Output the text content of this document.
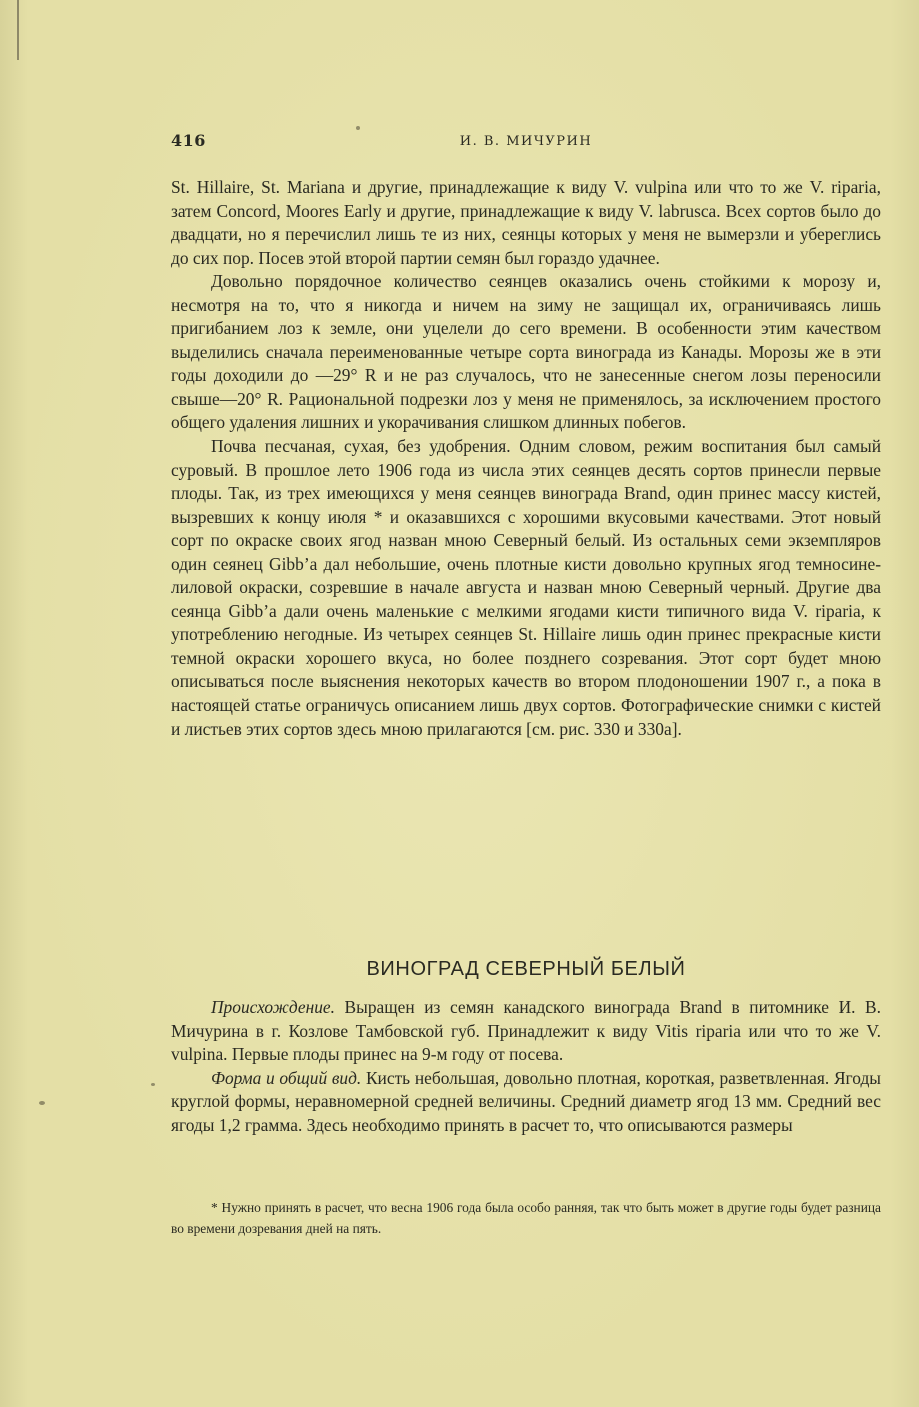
416	И. В. МИЧУРИН

St. Hillaire, St. Mariana и другие, принадлежащие к виду V. vulpina или что то же V. riparia, затем Concord, Moores Early и другие, принадлежащие к виду V. labrusca. Всех сортов было до двадцати, но я перечислил лишь те из них, сеянцы которых у меня не вымерзли и убереглись до сих пор. Посев этой второй партии семян был гораздо удачнее.

Довольно порядочное количество сеянцев оказались очень стойкими к морозу и, несмотря на то, что я никогда и ничем на зиму не защищал их, ограничиваясь лишь пригибанием лоз к земле, они уцелели до сего времени. В особенности этим качеством выделились сначала переименованные четыре сорта винограда из Канады. Морозы же в эти годы доходили до —29° R и не раз случалось, что не занесенные снегом лозы переносили свыше—20° R. Рациональной подрезки лоз у меня не применялось, за исключением простого общего удаления лишних и укорачивания слишком длинных побегов.

Почва песчаная, сухая, без удобрения. Одним словом, режим воспитания был самый суровый. В прошлое лето 1906 года из числа этих сеянцев десять сортов принесли первые плоды. Так, из трех имеющихся у меня сеянцев винограда Brand, один принес массу кистей, вызревших к концу июля * и оказавшихся с хорошими вкусовыми качествами. Этот новый сорт по окраске своих ягод назван мною Северный белый. Из остальных семи экземпляров один сеянец Gibb’a дал небольшие, очень плотные кисти довольно крупных ягод темносине-лиловой окраски, созревшие в начале августа и назван мною Северный черный. Другие два сеянца Gibb’a дали очень маленькие с мелкими ягодами кисти типичного вида V. riparia, к употреблению негодные. Из четырех сеянцев St. Hillaire лишь один принес прекрасные кисти темной окраски хорошего вкуса, но более позднего созревания. Этот сорт будет мною описываться после выяснения некоторых качеств во втором плодоношении 1907 г., а пока в настоящей статье ограничусь описанием лишь двух сортов. Фотографические снимки с кистей и листьев этих сортов здесь мною прилагаются [см. рис. 330 и 330а].

ВИНОГРАД СЕВЕРНЫЙ БЕЛЫЙ

Происхождение. Выращен из семян канадского винограда Brand в питомнике И. В. Мичурина в г. Козлове Тамбовской губ. Принадлежит к виду Vitis riparia или что то же V. vulpina. Первые плоды принес на 9-м году от посева.

Форма и общий вид. Кисть небольшая, довольно плотная, короткая, разветвленная. Ягоды круглой формы, неравномерной средней величины. Средний диаметр ягод 13 мм. Средний вес ягоды 1,2 грамма. Здесь необходимо принять в расчет то, что описываются размеры

* Нужно принять в расчет, что весна 1906 года была особо ранняя, так что быть может в другие годы будет разница во времени дозревания дней на пять.
